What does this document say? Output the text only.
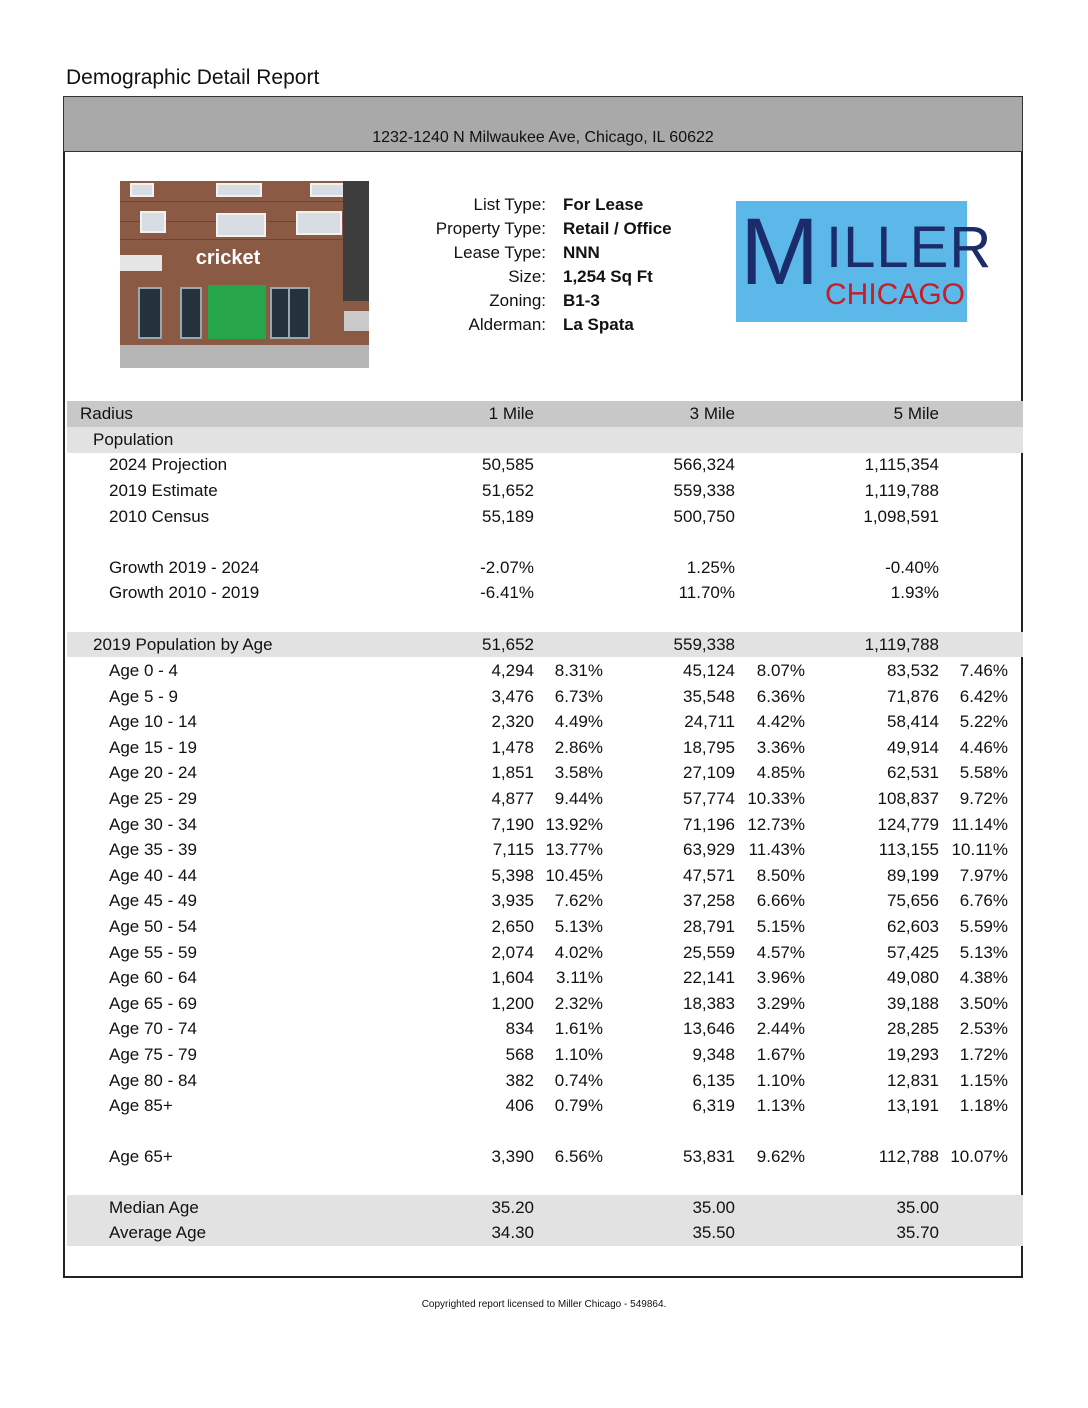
Demographic Detail Report
1232-1240 N Milwaukee Ave, Chicago, IL 60622
cricket
List Type: For Lease
Property Type: Retail / Office
Lease Type: NNN
Size: 1,254 Sq Ft
Zoning: B1-3
Alderman: La Spata
M ILLER
CHICAGO
Radius	1 Mile	3 Mile	5 Mile
Population
2024 Projection	50,585	566,324	1,115,354
2019 Estimate	51,652	559,338	1,119,788
2010 Census	55,189	500,750	1,098,591
Growth 2019 - 2024	-2.07%	1.25%	-0.40%
Growth 2010 - 2019	-6.41%	11.70%	1.93%
2019 Population by Age	51,652	559,338	1,119,788
Age 0 - 4	4,294	8.31%	45,124	8.07%	83,532	7.46%
Age 5 - 9	3,476	6.73%	35,548	6.36%	71,876	6.42%
Age 10 - 14	2,320	4.49%	24,711	4.42%	58,414	5.22%
Age 15 - 19	1,478	2.86%	18,795	3.36%	49,914	4.46%
Age 20 - 24	1,851	3.58%	27,109	4.85%	62,531	5.58%
Age 25 - 29	4,877	9.44%	57,774 10.33%	108,837	9.72%
Age 30 - 34	7,190 13.92%	71,196 12.73%	124,779 11.14%
Age 35 - 39	7,115 13.77%	63,929 11.43%	113,155 10.11%
Age 40 - 44	5,398 10.45%	47,571	8.50%	89,199	7.97%
Age 45 - 49	3,935	7.62%	37,258	6.66%	75,656	6.76%
Age 50 - 54	2,650	5.13%	28,791	5.15%	62,603	5.59%
Age 55 - 59	2,074	4.02%	25,559	4.57%	57,425	5.13%
Age 60 - 64	1,604	3.11%	22,141	3.96%	49,080	4.38%
Age 65 - 69	1,200	2.32%	18,383	3.29%	39,188	3.50%
Age 70 - 74	834	1.61%	13,646	2.44%	28,285	2.53%
Age 75 - 79	568	1.10%	9,348	1.67%	19,293	1.72%
Age 80 - 84	382	0.74%	6,135	1.10%	12,831	1.15%
Age 85+	406	0.79%	6,319	1.13%	13,191	1.18%
Age 65+	3,390	6.56%	53,831	9.62%	112,788 10.07%
Median Age	35.20	35.00	35.00
Average Age	34.30	35.50	35.70
Copyrighted report licensed to Miller Chicago - 549864.
